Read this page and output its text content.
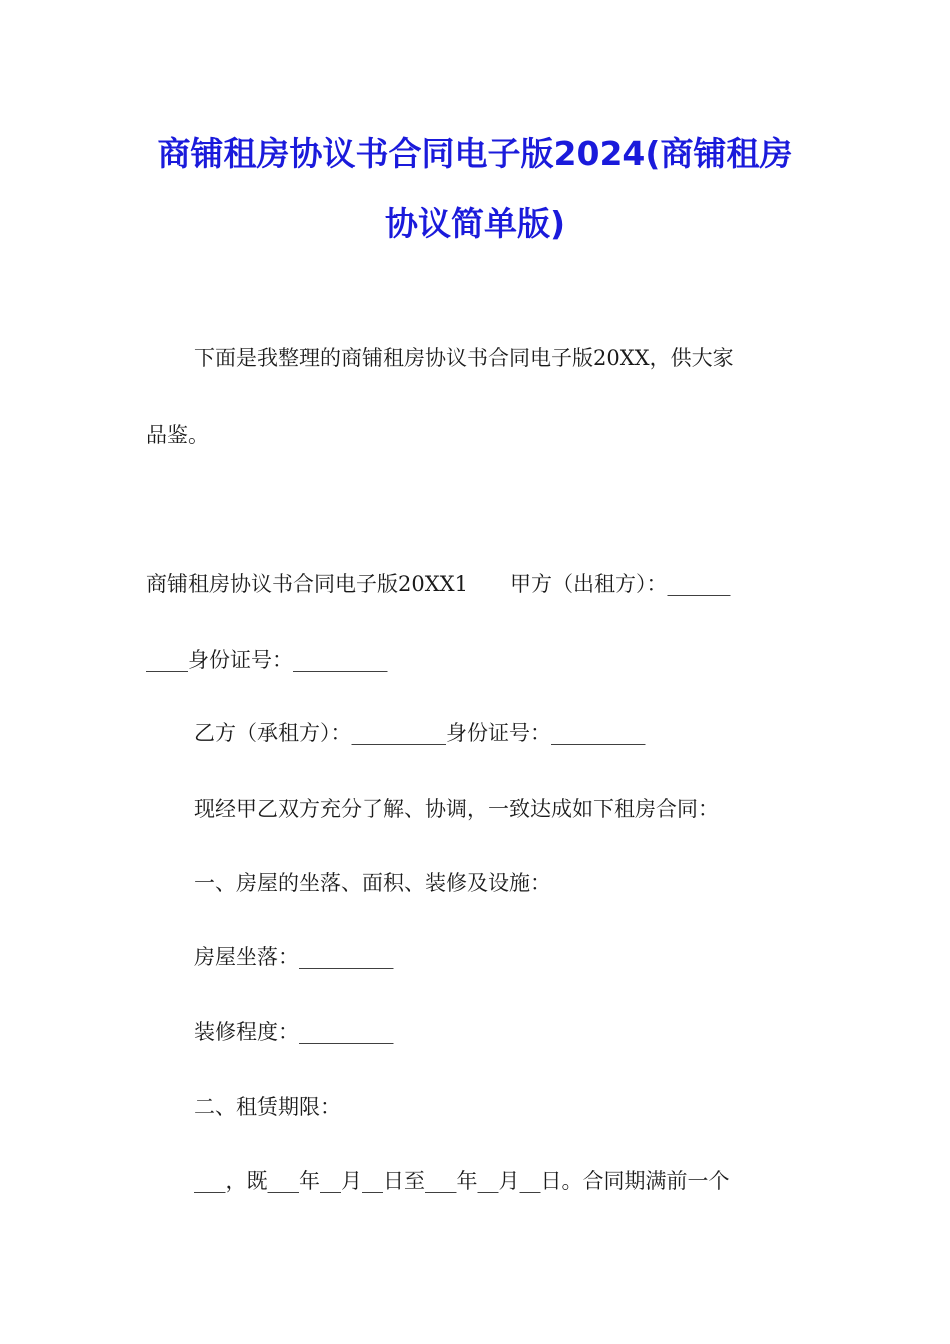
商铺租房协议书合同电子版2024(商铺租房
协议简单版)

下面是我整理的商铺租房协议书合同电子版20XX，供大家

品鉴。

商铺租房协议书合同电子版20XX1　　甲方（出租方）：______

____身份证号：_________

乙方（承租方）：_________身份证号：_________

现经甲乙双方充分了解、协调，一致达成如下租房合同：

一、房屋的坐落、面积、装修及设施：

房屋坐落：_________

装修程度：_________

二、租赁期限：

___，既___年__月__日至___年__月__日。合同期满前一个
